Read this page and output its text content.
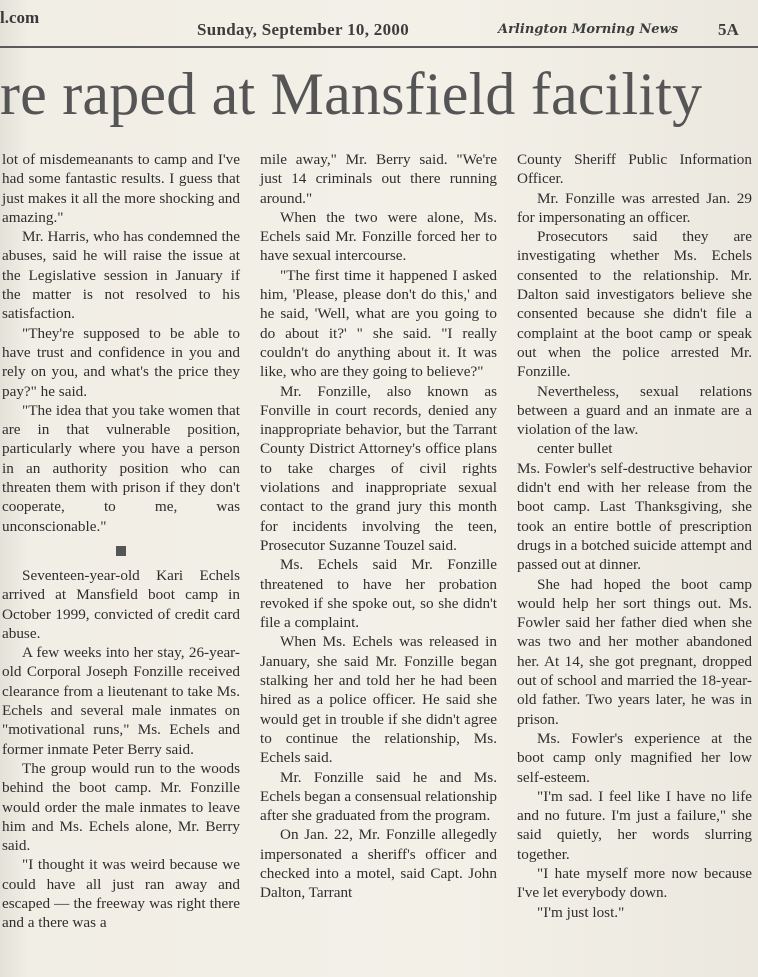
l.com
Sunday, September 10, 2000	Arlington Morning News 5A
re raped at Mansfield facility

lot of misdemeanants to camp and I've had some fantastic results. I guess that just makes it all the more shocking and amazing."

Mr. Harris, who has condemned the abuses, said he will raise the issue at the Legislative session in January if the matter is not resolved to his satisfaction.

"They're supposed to be able to have trust and confidence in you and rely on you, and what's the price they pay?" he said.

"The idea that you take women that are in that vulnerable position, particularly where you have a person in an authority position who can threaten them with prison if they don't cooperate, to me, was unconscionable."

Seventeen-year-old Kari Echels arrived at Mansfield boot camp in October 1999, convicted of credit card abuse.

A few weeks into her stay, 26-year-old Corporal Joseph Fonzille received clearance from a lieutenant to take Ms. Echels and several male inmates on "motivational runs," Ms. Echels and former inmate Peter Berry said.

The group would run to the woods behind the boot camp. Mr. Fonzille would order the male inmates to leave him and Ms. Echels alone, Mr. Berry said.

"I thought it was weird because we could have all just ran away and escaped — the freeway was right there and a there was a

mile away," Mr. Berry said. "We're just 14 criminals out there running around."

When the two were alone, Ms. Echels said Mr. Fonzille forced her to have sexual intercourse.

"The first time it happened I asked him, 'Please, please don't do this,' and he said, 'Well, what are you going to do about it?' " she said. "I really couldn't do anything about it. It was like, who are they going to believe?"

Mr. Fonzille, also known as Fonville in court records, denied any inappropriate behavior, but the Tarrant County District Attorney's office plans to take charges of civil rights violations and inappropriate sexual contact to the grand jury this month for incidents involving the teen, Prosecutor Suzanne Touzel said.

Ms. Echels said Mr. Fonzille threatened to have her probation revoked if she spoke out, so she didn't file a complaint.

When Ms. Echels was released in January, she said Mr. Fonzille began stalking her and told her he had been hired as a police officer. He said she would get in trouble if she didn't agree to continue the relationship, Ms. Echels said.

Mr. Fonzille said he and Ms. Echels began a consensual relationship after she graduated from the program.

On Jan. 22, Mr. Fonzille allegedly impersonated a sheriff's officer and checked into a motel, said Capt. John Dalton, Tarrant

County Sheriff Public Information Officer.

Mr. Fonzille was arrested Jan. 29 for impersonating an officer.

Prosecutors said they are investigating whether Ms. Echels consented to the relationship. Mr. Dalton said investigators believe she consented because she didn't file a complaint at the boot camp or speak out when the police arrested Mr. Fonzille.

Nevertheless, sexual relations between a guard and an inmate are a violation of the law.

center bullet

Ms. Fowler's self-destructive behavior didn't end with her release from the boot camp. Last Thanksgiving, she took an entire bottle of prescription drugs in a botched suicide attempt and passed out at dinner.

She had hoped the boot camp would help her sort things out. Ms. Fowler said her father died when she was two and her mother abandoned her. At 14, she got pregnant, dropped out of school and married the 18-year-old father. Two years later, he was in prison.

Ms. Fowler's experience at the boot camp only magnified her low self-esteem.

"I'm sad. I feel like I have no life and no future. I'm just a failure," she said quietly, her words slurring together.

"I hate myself more now because I've let everybody down.

"I'm just lost."
